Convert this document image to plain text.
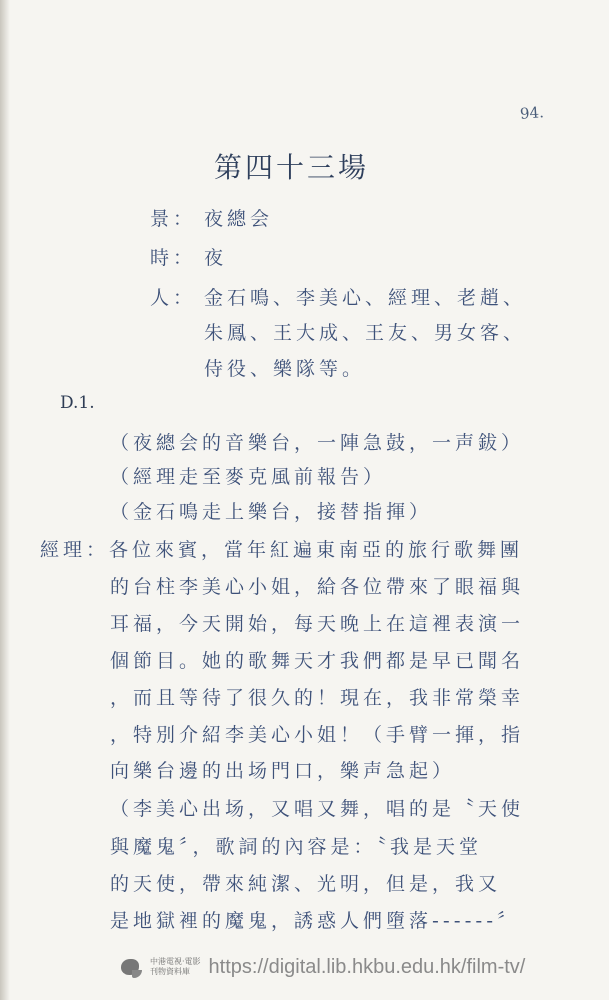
94.
第四十三場
景： 夜總会
時： 夜
人： 金石鳴、李美心、經理、老趙、
朱鳳、王大成、王友、男女客、
侍役、樂隊等。
D.1.
（夜總会的音樂台，一陣急鼓，一声鈸）
（經理走至麥克風前報告）
（金石鳴走上樂台，接替指揮）
經理：各位來賓，當年紅遍東南亞的旅行歌舞團
的台柱李美心小姐，給各位帶來了眼福與
耳福，今天開始，每天晚上在這裡表演一
個節目。她的歌舞天才我們都是早已聞名
，而且等待了很久的！現在，我非常榮幸
，特別介紹李美心小姐！（手臂一揮，指
向樂台邊的出场門口，樂声急起）
（李美心出场，又唱又舞，唱的是〝天使
與魔鬼〞，歌詞的內容是：〝我是天堂
的天使，帶來純潔、光明，但是，我又
是地獄裡的魔鬼，誘惑人們墮落------〞
中港電視·電影
刊物資料庫 https://digital.lib.hkbu.edu.hk/film-tv/
